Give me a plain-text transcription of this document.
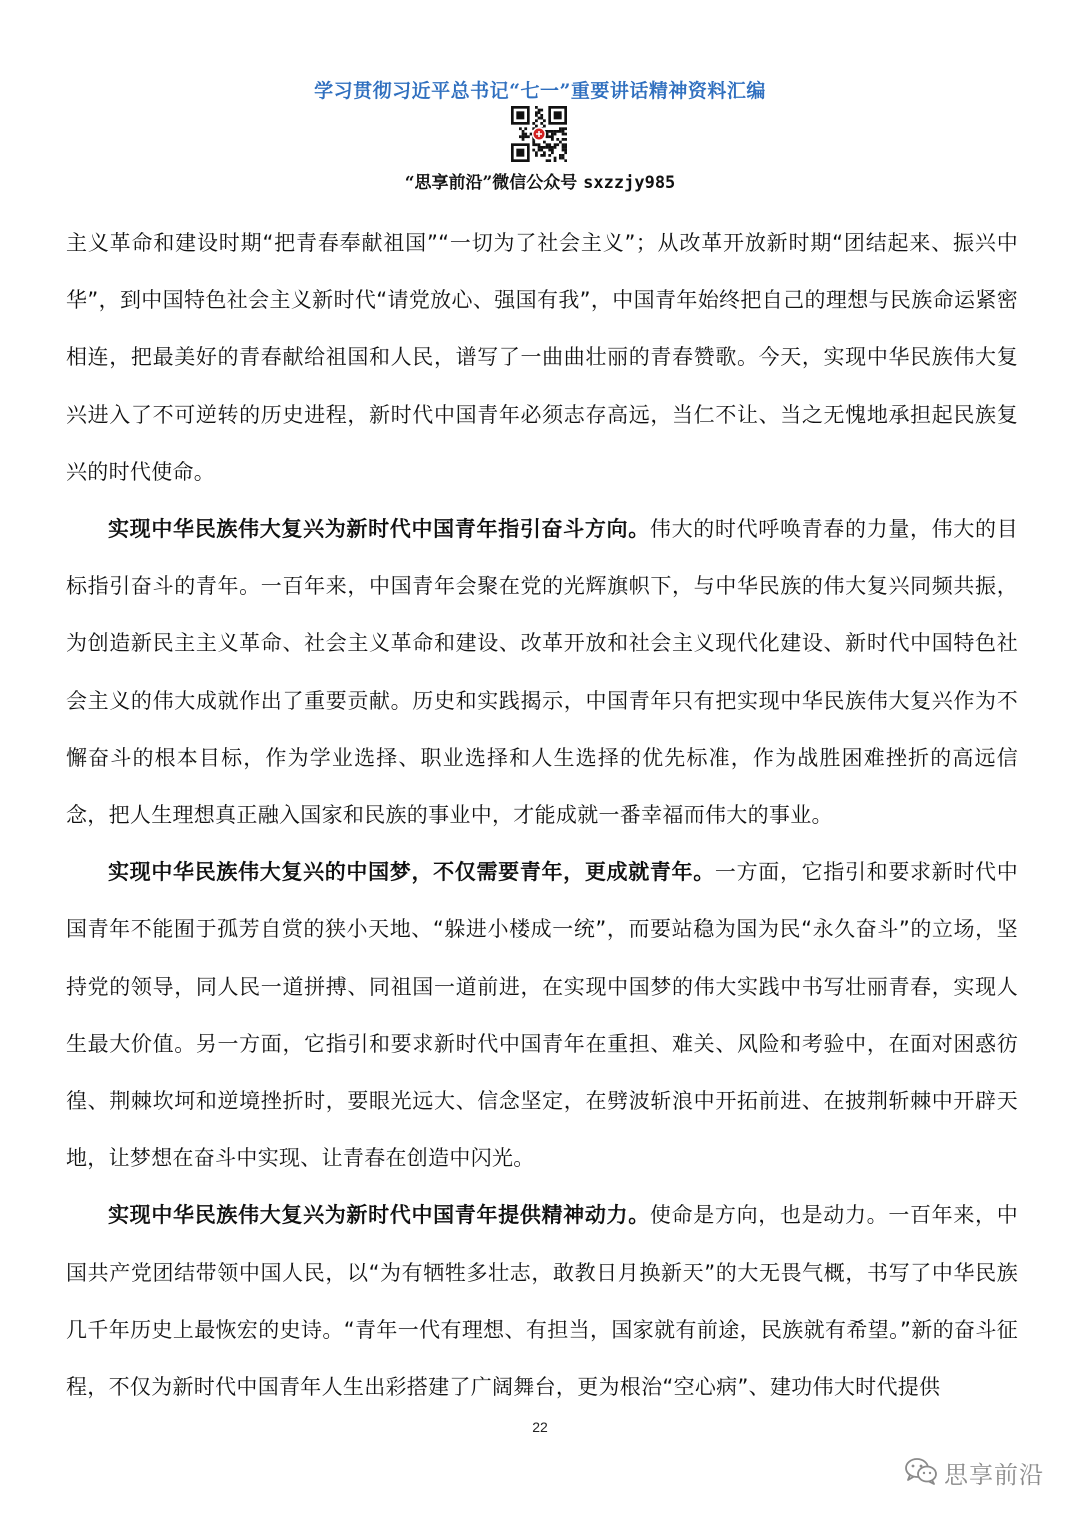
学习贯彻习近平总书记“七一”重要讲话精神资料汇编
“思享前沿”微信公众号 sxzzjy985

主义革命和建设时期“把青春奉献祖国”“一切为了社会主义”；从改革开放新时期“团结起来、振兴中华”，到中国特色社会主义新时代“请党放心、强国有我”，中国青年始终把自己的理想与民族命运紧密相连，把最美好的青春献给祖国和人民，谱写了一曲曲壮丽的青春赞歌。今天，实现中华民族伟大复兴进入了不可逆转的历史进程，新时代中国青年必须志存高远，当仁不让、当之无愧地承担起民族复兴的时代使命。

实现中华民族伟大复兴为新时代中国青年指引奋斗方向。伟大的时代呼唤青春的力量，伟大的目标指引奋斗的青年。一百年来，中国青年会聚在党的光辉旗帜下，与中华民族的伟大复兴同频共振，为创造新民主主义革命、社会主义革命和建设、改革开放和社会主义现代化建设、新时代中国特色社会主义的伟大成就作出了重要贡献。历史和实践揭示，中国青年只有把实现中华民族伟大复兴作为不懈奋斗的根本目标，作为学业选择、职业选择和人生选择的优先标准，作为战胜困难挫折的高远信念，把人生理想真正融入国家和民族的事业中，才能成就一番幸福而伟大的事业。

实现中华民族伟大复兴的中国梦，不仅需要青年，更成就青年。一方面，它指引和要求新时代中国青年不能囿于孤芳自赏的狭小天地、“躲进小楼成一统”，而要站稳为国为民“永久奋斗”的立场，坚持党的领导，同人民一道拼搏、同祖国一道前进，在实现中国梦的伟大实践中书写壮丽青春，实现人生最大价值。另一方面，它指引和要求新时代中国青年在重担、难关、风险和考验中，在面对困惑彷徨、荆棘坎坷和逆境挫折时，要眼光远大、信念坚定，在劈波斩浪中开拓前进、在披荆斩棘中开辟天地，让梦想在奋斗中实现、让青春在创造中闪光。

实现中华民族伟大复兴为新时代中国青年提供精神动力。使命是方向，也是动力。一百年来，中国共产党团结带领中国人民，以“为有牺牲多壮志，敢教日月换新天”的大无畏气概，书写了中华民族几千年历史上最恢宏的史诗。“青年一代有理想、有担当，国家就有前途，民族就有希望。”新的奋斗征程，不仅为新时代中国青年人生出彩搭建了广阔舞台，更为根治“空心病”、建功伟大时代提供

22
思享前沿
